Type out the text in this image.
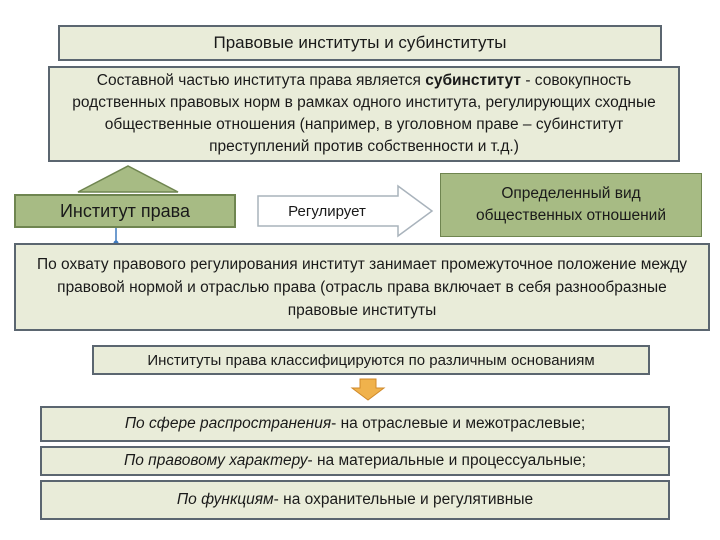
Правовые институты и субинституты
Составной частью института права является субинститут - совокупность родственных правовых норм в рамках одного института, регулирующих сходные общественные отношения (например, в уголовном праве – субинститут преступлений против собственности и т.д.)
Институт права	Регулирует
Определенный вид общественных отношений
По охвату правового регулирования институт занимает промежуточное положение между правовой нормой и отраслью права (отрасль права включает в себя разнообразные правовые институты
Институты права классифицируются по различным основаниям
По сфере распространения- на отраслевые и межотраслевые;
По правовому характеру- на материальные и процессуальные;
По функциям- на охранительные и регулятивные
